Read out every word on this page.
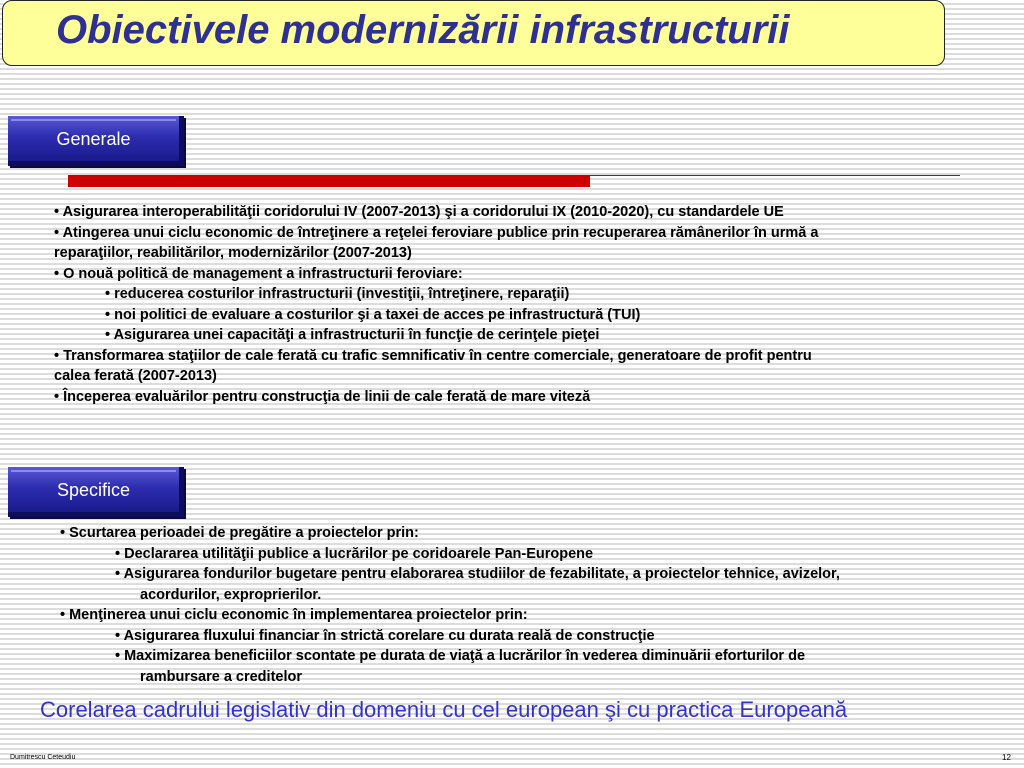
Obiectivele modernizării infrastructurii
Generale
• Asigurarea interoperabilităţii coridorului IV (2007-2013) şi a coridorului IX (2010-2020), cu standardele UE
• Atingerea unui ciclu economic de întreţinere a reţelei feroviare publice prin recuperarea rămânerilor în urmă a
reparaţiilor, reabilitărilor, modernizărilor (2007-2013)
• O nouă politică de management a infrastructurii feroviare:
• reducerea costurilor infrastructurii (investiţii, întreţinere, reparaţii)
• noi politici de evaluare a costurilor şi a taxei de acces pe infrastructură (TUI)
• Asigurarea unei capacităţi a infrastructurii în funcţie de cerinţele pieţei
• Transformarea staţiilor de cale ferată cu trafic semnificativ în centre comerciale, generatoare de profit pentru
calea ferată (2007-2013)
• Începerea evaluărilor pentru construcţia de linii de cale ferată de mare viteză
Specifice
• Scurtarea perioadei de pregătire a proiectelor prin:
• Declararea utilităţii publice a lucrărilor pe coridoarele Pan-Europene
• Asigurarea fondurilor bugetare pentru elaborarea studiilor de fezabilitate, a proiectelor tehnice, avizelor,
acordurilor, exproprierilor.
• Menţinerea unui ciclu economic în implementarea proiectelor prin:
• Asigurarea fluxului financiar în strictă corelare cu durata reală de construcţie
• Maximizarea beneficiilor scontate pe durata de viaţă a lucrărilor în vederea diminuării eforturilor de
rambursare a creditelor
Corelarea cadrului legislativ din domeniu cu cel european şi cu practica Europeană
Dumitrescu Ceteudiu	12
